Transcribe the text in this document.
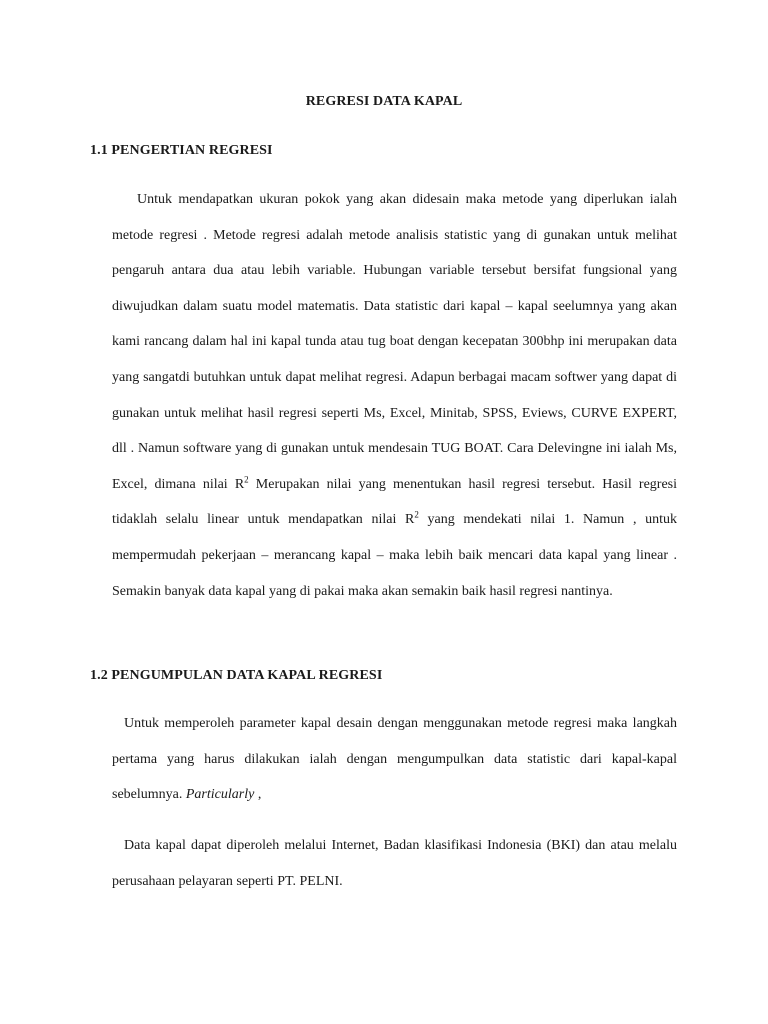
REGRESI DATA KAPAL
1.1 PENGERTIAN REGRESI

Untuk mendapatkan ukuran pokok yang akan didesain maka metode yang diperlukan ialah metode regresi . Metode regresi adalah metode analisis statistic yang di gunakan untuk melihat pengaruh antara dua atau lebih variable. Hubungan variable tersebut bersifat fungsional yang diwujudkan dalam suatu model matematis. Data statistic dari kapal – kapal seelumnya yang akan kami rancang dalam hal ini kapal tunda atau tug boat dengan kecepatan 300bhp ini merupakan data yang sangatdi butuhkan untuk dapat melihat regresi. Adapun berbagai macam softwer yang dapat di gunakan untuk melihat hasil regresi seperti Ms, Excel, Minitab, SPSS, Eviews, CURVE EXPERT, dll . Namun software yang di gunakan untuk mendesain TUG BOAT. Cara Delevingne ini ialah Ms, Excel, dimana nilai $R^2$ Merupakan nilai yang menentukan hasil regresi tersebut. Hasil regresi tidaklah selalu linear untuk mendapatkan nilai $R^2$ yang mendekati nilai 1. Namun , untuk mempermudah pekerjaan – merancang kapal – maka lebih baik mencari data kapal yang linear . Semakin banyak data kapal yang di pakai maka akan semakin baik hasil regresi nantinya.

1.2 PENGUMPULAN DATA KAPAL REGRESI

Untuk memperoleh parameter kapal desain dengan menggunakan metode regresi maka langkah pertama yang harus dilakukan ialah dengan mengumpulkan data statistic dari kapal-kapal sebelumnya. Particularly ,

Data kapal dapat diperoleh melalui Internet, Badan klasifikasi Indonesia (BKI) dan atau melalu perusahaan pelayaran seperti PT. PELNI.
